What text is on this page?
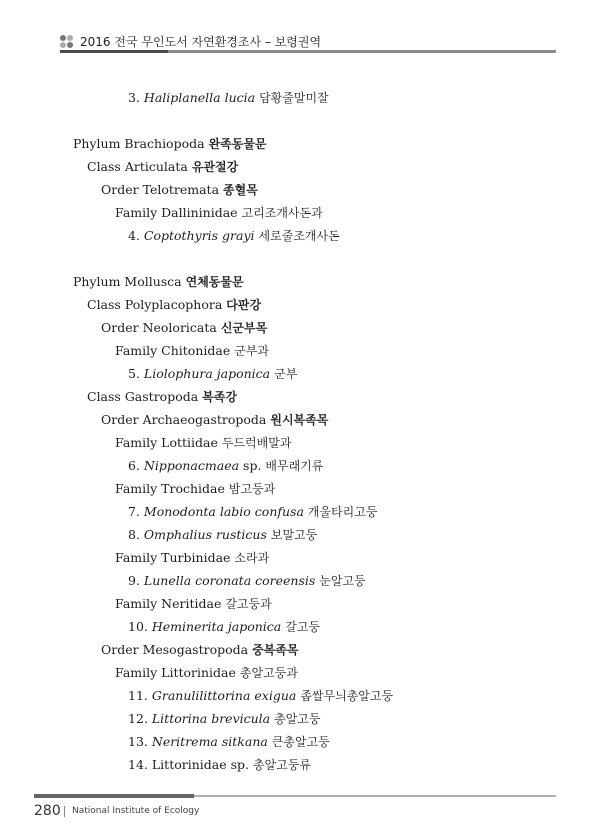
2016 전국 무인도서 자연환경조사 – 보령권역
3. Haliplanella lucia 담황줄말미잘
Phylum Brachiopoda 완족동물문
Class Articulata 유관절강
Order Telotremata 종혈목
Family Dallininidae 고리조개사돈과
4. Coptothyris grayi 세로줄조개사돈
Phylum Mollusca 연체동물문
Class Polyplacophora 다판강
Order Neoloricata 신군부목
Family Chitonidae 군부과
5. Liolophura japonica 군부
Class Gastropoda 복족강
Order Archaeogastropoda 원시복족목
Family Lottiidae 두드럭배말과
6. Nipponacmaea sp. 배무래기류
Family Trochidae 밤고둥과
7. Monodonta labio confusa 개울타리고둥
8. Omphalius rusticus 보말고둥
Family Turbinidae 소라과
9. Lunella coronata coreensis 눈알고둥
Family Neritidae 갈고둥과
10. Heminerita japonica 갈고둥
Order Mesogastropoda 중복족목
Family Littorinidae 총알고둥과
11. Granulilittorina exigua 좁쌀무늬총알고둥
12. Littorina brevicula 총알고둥
13. Neritrema sitkana 큰총알고둥
14. Littorinidae sp. 총알고둥류
280 National Institute of Ecology
